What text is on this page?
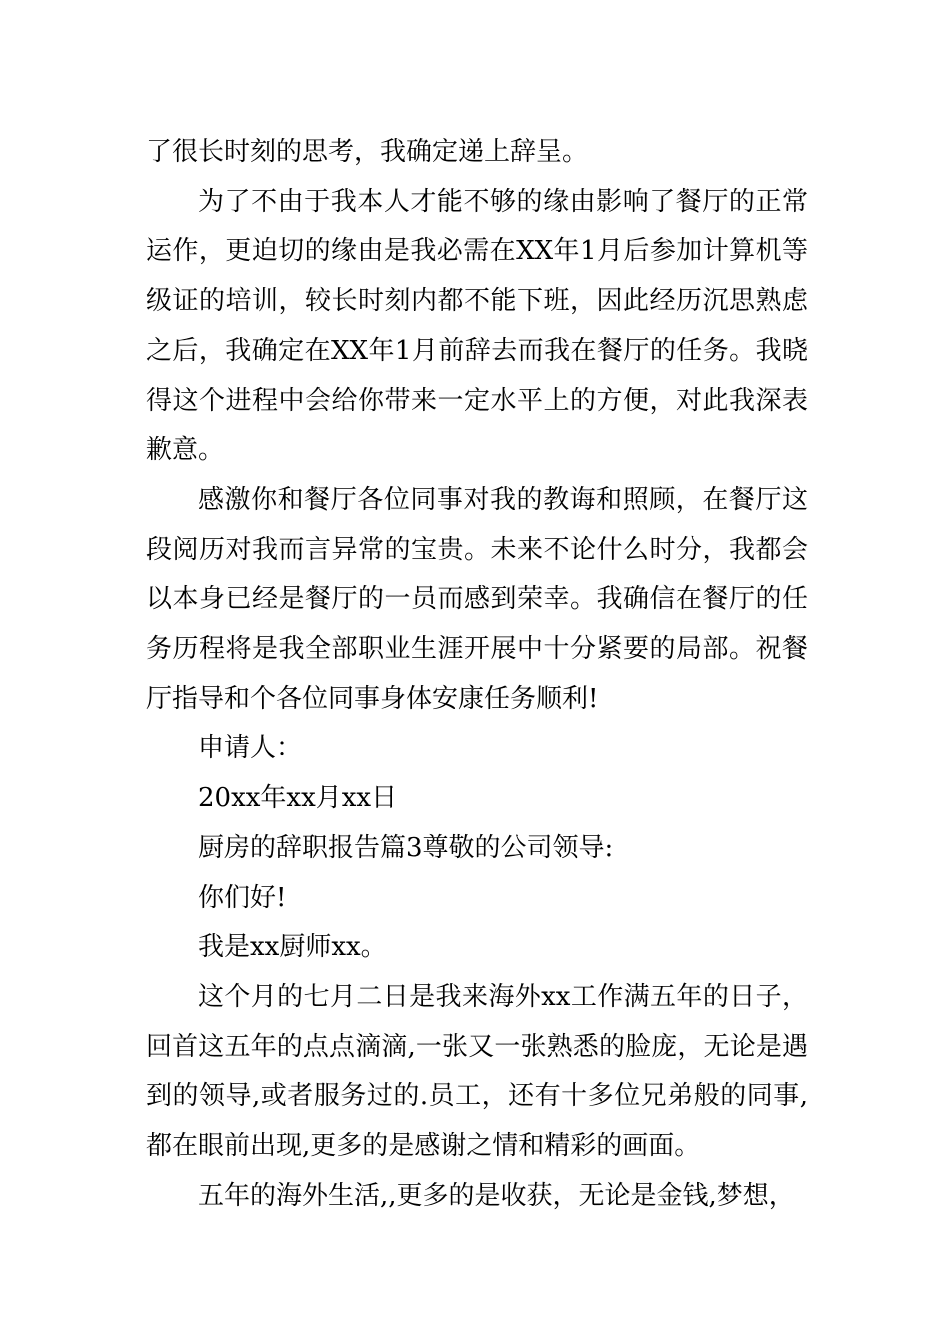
了很长时刻的思考，我确定递上辞呈。

为了不由于我本人才能不够的缘由影响了餐厅的正常运作，更迫切的缘由是我必需在XX年1月后参加计算机等级证的培训，较长时刻内都不能下班，因此经历沉思熟虑之后，我确定在XX年1月前辞去而我在餐厅的任务。我晓得这个进程中会给你带来一定水平上的方便，对此我深表歉意。

感激你和餐厅各位同事对我的教诲和照顾，在餐厅这段阅历对我而言异常的宝贵。未来不论什么时分，我都会以本身已经是餐厅的一员而感到荣幸。我确信在餐厅的任务历程将是我全部职业生涯开展中十分紧要的局部。祝餐厅指导和个各位同事身体安康任务顺利!

申请人：

20xx年xx月xx日

厨房的辞职报告篇3尊敬的公司领导:

你们好!

我是xx厨师xx。

这个月的七月二日是我来海外xx工作满五年的日子，回首这五年的点点滴滴,一张又一张熟悉的脸庞，无论是遇到的领导,或者服务过的.员工，还有十多位兄弟般的同事,都在眼前出现,更多的是感谢之情和精彩的画面。

五年的海外生活,,更多的是收获，无论是金钱,梦想，
